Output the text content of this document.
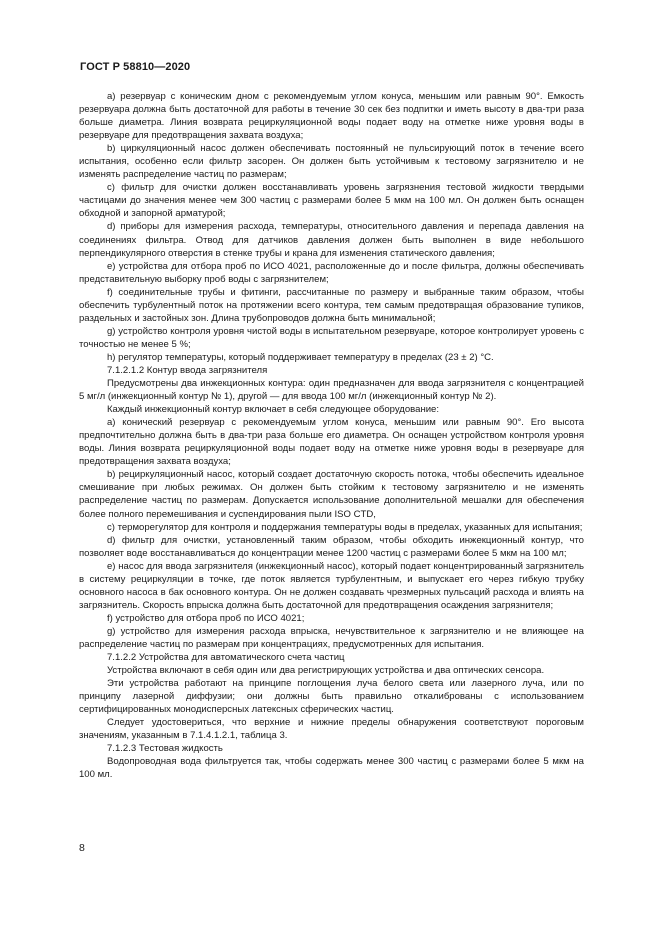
ГОСТ Р 58810—2020

a) резервуар с коническим дном с рекомендуемым углом конуса, меньшим или равным 90°. Емкость резервуара должна быть достаточной для работы в течение 30 сек без подпитки и иметь высоту в два-три раза больше диаметра. Линия возврата рециркуляционной воды подает воду на отметке ниже уровня воды в резервуаре для предотвращения захвата воздуха;

b) циркуляционный насос должен обеспечивать постоянный не пульсирующий поток в течение всего испытания, особенно если фильтр засорен. Он должен быть устойчивым к тестовому загрязнителю и не изменять распределение частиц по размерам;

c) фильтр для очистки должен восстанавливать уровень загрязнения тестовой жидкости твердыми частицами до значения менее чем 300 частиц с размерами более 5 мкм на 100 мл. Он должен быть оснащен обходной и запорной арматурой;

d) приборы для измерения расхода, температуры, относительного давления и перепада давления на соединениях фильтра. Отвод для датчиков давления должен быть выполнен в виде небольшого перпендикулярного отверстия в стенке трубы и крана для изменения статического давления;

e) устройства для отбора проб по ИСО 4021, расположенные до и после фильтра, должны обеспечивать представительную выборку проб воды с загрязнителем;

f) соединительные трубы и фитинги, рассчитанные по размеру и выбранные таким образом, чтобы обеспечить турбулентный поток на протяжении всего контура, тем самым предотвращая образование тупиков, раздельных и застойных зон. Длина трубопроводов должна быть минимальной;

g) устройство контроля уровня чистой воды в испытательном резервуаре, которое контролирует уровень с точностью не менее 5 %;

h) регулятор температуры, который поддерживает температуру в пределах (23 ± 2) °С.

7.1.2.1.2 Контур ввода загрязнителя

Предусмотрены два инжекционных контура: один предназначен для ввода загрязнителя с концентрацией 5 мг/л (инжекционный контур № 1), другой — для ввода 100 мг/л (инжекционный контур № 2).

Каждый инжекционный контур включает в себя следующее оборудование:

a) конический резервуар с рекомендуемым углом конуса, меньшим или равным 90°. Его высота предпочтительно должна быть в два-три раза больше его диаметра. Он оснащен устройством контроля уровня воды. Линия возврата рециркуляционной воды подает воду на отметке ниже уровня воды в резервуаре для предотвращения захвата воздуха;

b) рециркуляционный насос, который создает достаточную скорость потока, чтобы обеспечить идеальное смешивание при любых режимах. Он должен быть стойким к тестовому загрязнителю и не изменять распределение частиц по размерам. Допускается использование дополнительной мешалки для обеспечения более полного перемешивания и суспендирования пыли ISO CTD,

c) терморегулятор для контроля и поддержания температуры воды в пределах, указанных для испытания;

d) фильтр для очистки, установленный таким образом, чтобы обходить инжекционный контур, что позволяет воде восстанавливаться до концентрации менее 1200 частиц с размерами более 5 мкм на 100 мл;

e) насос для ввода загрязнителя (инжекционный насос), который подает концентрированный загрязнитель в систему рециркуляции в точке, где поток является турбулентным, и выпускает его через гибкую трубку основного насоса в бак основного контура. Он не должен создавать чрезмерных пульсаций расхода и влиять на загрязнитель. Скорость впрыска должна быть достаточной для предотвращения осаждения загрязнителя;

f) устройство для отбора проб по ИСО 4021;

g) устройство для измерения расхода впрыска, нечувствительное к загрязнителю и не влияющее на распределение частиц по размерам при концентрациях, предусмотренных для испытания.

7.1.2.2 Устройства для автоматического счета частиц

Устройства включают в себя один или два регистрирующих устройства и два оптических сенсора.

Эти устройства работают на принципе поглощения луча белого света или лазерного луча, или по принципу лазерной диффузии; они должны быть правильно откалиброваны с использованием сертифицированных монодисперсных латексных сферических частиц.

Следует удостовериться, что верхние и нижние пределы обнаружения соответствуют пороговым значениям, указанным в 7.1.4.1.2.1, таблица 3.

7.1.2.3 Тестовая жидкость

Водопроводная вода фильтруется так, чтобы содержать менее 300 частиц с размерами более 5 мкм на 100 мл.

8
